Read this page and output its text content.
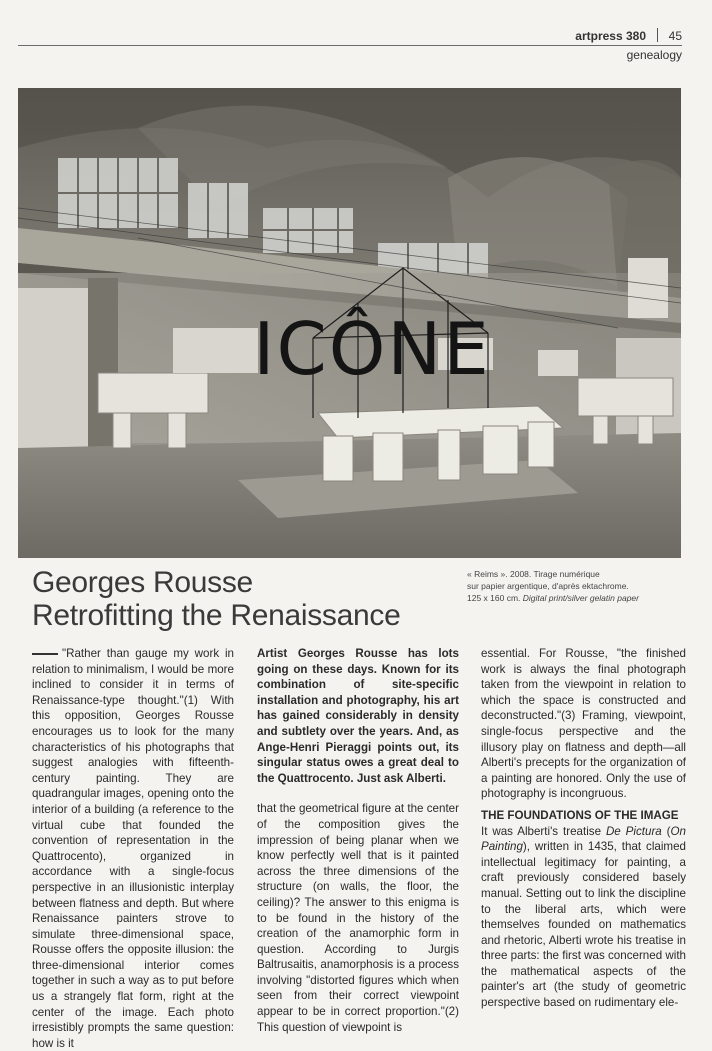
artpress 380	45
genealogy
ICÔNE
Georges Rousse
Retrofitting the Renaissance
« Reims ». 2008. Tirage numérique
sur papier argentique, d'après ektachrome.
125 x 160 cm. Digital print/silver gelatin paper
"Rather than gauge my work in relation to minimalism, I would be more inclined to consider it in terms of Renaissance-type thought."(1) With this opposition, Georges Rousse encourages us to look for the many characteristics of his photographs that suggest analogies with fifteenth-century painting. They are quadrangular images, opening onto the interior of a building (a reference to the virtual cube that founded the convention of representation in the Quattrocento), organized in accordance with a single-focus perspective in an illusionistic interplay between flatness and depth. But where Renaissance painters strove to simulate three-dimensional space, Rousse offers the opposite illusion: the three-dimensional interior comes together in such a way as to put before us a strangely flat form, right at the center of the image. Each photo irresistibly prompts the same question: how is it

Artist Georges Rousse has lots going on these days. Known for its combination of site-specific installation and photography, his art has gained considerably in density and subtlety over the years. And, as Ange-Henri Pieraggi points out, its singular status owes a great deal to the Quattrocento. Just ask Alberti.

that the geometrical figure at the center of the composition gives the impression of being planar when we know perfectly well that is it painted across the three dimensions of the structure (on walls, the floor, the ceiling)? The answer to this enigma is to be found in the history of the creation of the anamorphic form in question. According to Jurgis Baltrusaitis, anamorphosis is a process involving "distorted figures which when seen from their correct viewpoint appear to be in correct proportion."(2) This question of viewpoint is

essential. For Rousse, "the finished work is always the final photograph taken from the viewpoint in relation to which the space is constructed and deconstructed."(3) Framing, viewpoint, single-focus perspective and the illusory play on flatness and depth—all Alberti's precepts for the organization of a painting are honored. Only the use of photography is incongruous.

THE FOUNDATIONS OF THE IMAGE

It was Alberti's treatise De Pictura (On Painting), written in 1435, that claimed intellectual legitimacy for painting, a craft previously considered basely manual. Setting out to link the discipline to the liberal arts, which were themselves founded on mathematics and rhetoric, Alberti wrote his treatise in three parts: the first was concerned with the mathematical aspects of the painter's art (the study of geometric perspective based on rudimentary ele-
